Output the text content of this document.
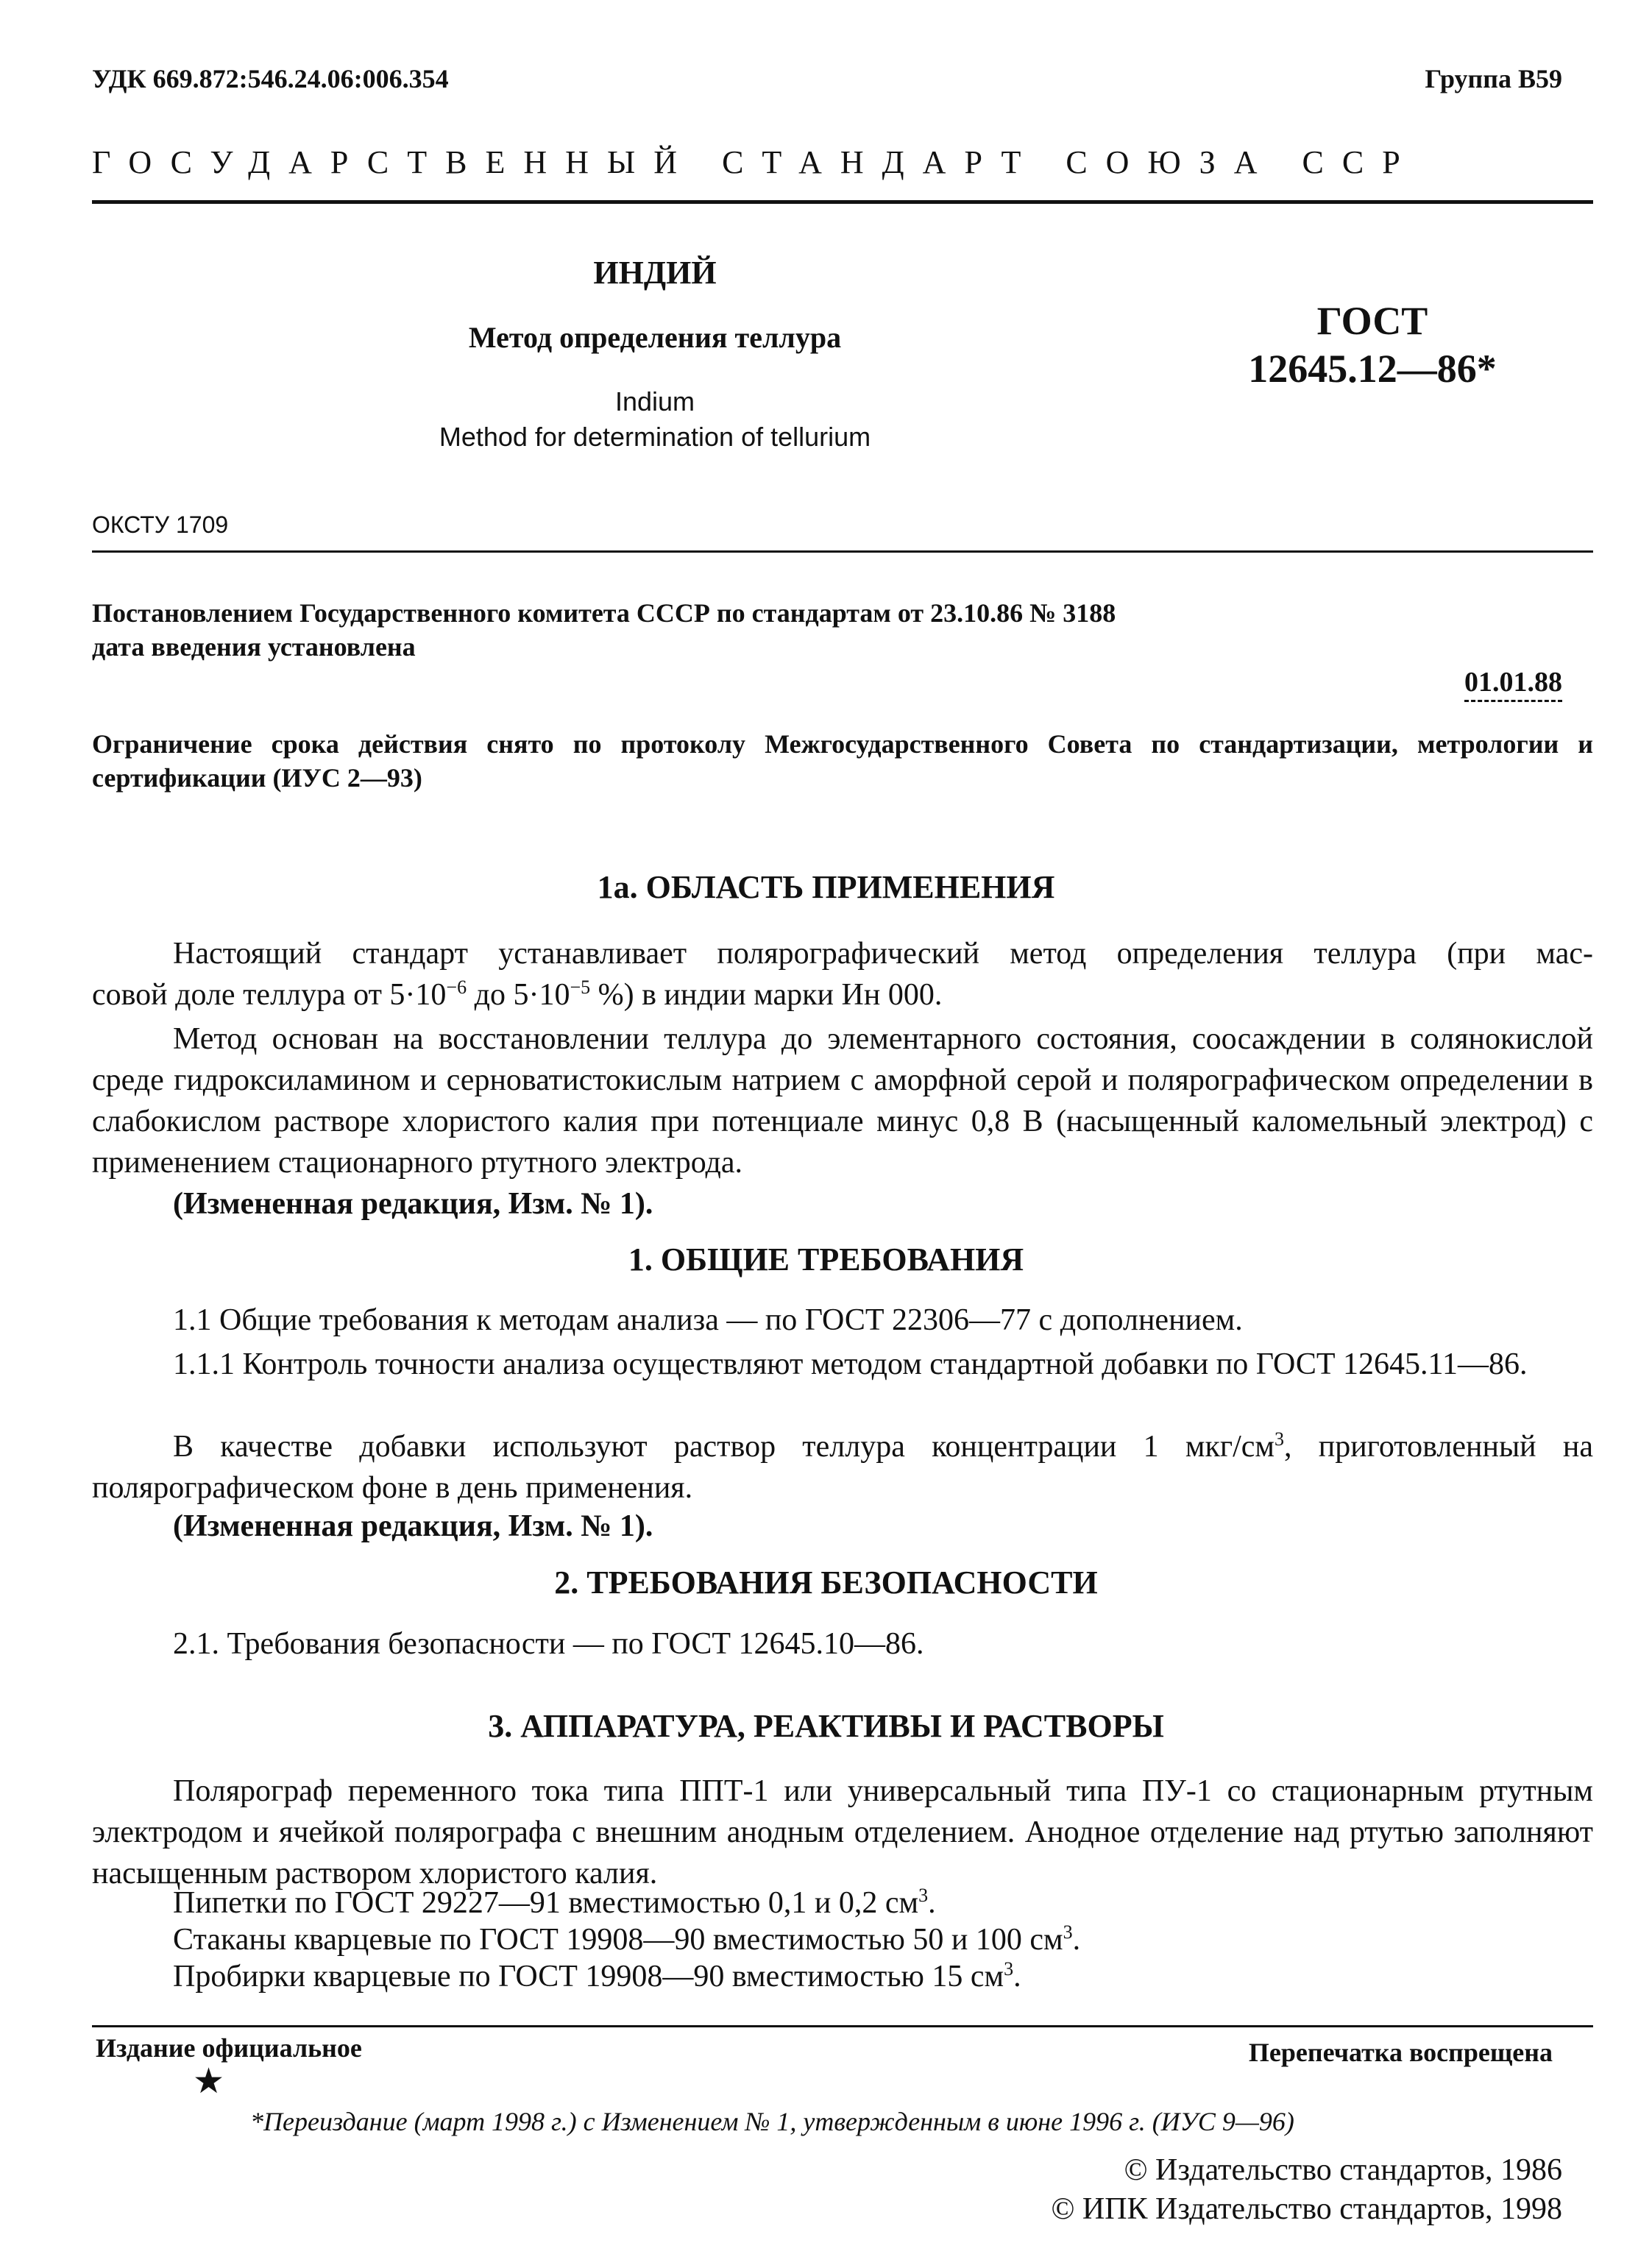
УДК 669.872:546.24.06:006.354	Группа В59
ГОСУДАРСТВЕННЫЙ СТАНДАРТ СОЮЗА ССР
ИНДИЙ
Метод определения теллура
Indium
Method for determination of tellurium
ГОСТ
12645.12—86*
ОКСТУ 1709
Постановлением Государственного комитета СССР по стандартам от 23.10.86 № 3188
дата введения установлена
01.01.88
Ограничение срока действия снято по протоколу Межгосударственного Совета по стандартизации, метрологии и
сертификации (ИУС 2—93)
1а. ОБЛАСТЬ ПРИМЕНЕНИЯ
Настоящий стандарт устанавливает полярографический метод определения теллура (при мас-
совой доле теллура от $5\cdot 10^{-6}$ до $5\cdot 10^{-5}$ %) в индии марки Ин 000.
Метод основан на восстановлении теллура до элементарного состояния, соосаждении в солянокислой среде гидроксиламином и серноватистокислым натрием с аморфной серой и полярографическом определении в слабокислом растворе хлористого калия при потенциале минус 0,8 В (насыщенный каломельный электрод) с применением стационарного ртутного электрода.
(Измененная редакция, Изм. № 1).
1. ОБЩИЕ ТРЕБОВАНИЯ
1.1 Общие требования к методам анализа — по ГОСТ 22306—77 с дополнением.
1.1.1 Контроль точности анализа осуществляют методом стандартной добавки по ГОСТ 12645.11—86.
В качестве добавки используют раствор теллура концентрации 1 мкг/$см^3$, приготовленный на полярографическом фоне в день применения.
(Измененная редакция, Изм. № 1).
2. ТРЕБОВАНИЯ БЕЗОПАСНОСТИ
2.1. Требования безопасности — по ГОСТ 12645.10—86.
3. АППАРАТУРА, РЕАКТИВЫ И РАСТВОРЫ
Полярограф переменного тока типа ППТ-1 или универсальный типа ПУ-1 со стационарным ртутным электродом и ячейкой полярографа с внешним анодным отделением. Анодное отделение над ртутью заполняют насыщенным раствором хлористого калия.
Пипетки по ГОСТ 29227—91 вместимостью 0,1 и 0,2 $см^3$.
Стаканы кварцевые по ГОСТ 19908—90 вместимостью 50 и 100 $см^3$.
Пробирки кварцевые по ГОСТ 19908—90 вместимостью 15 $см^3$.
Издание официальное	Перепечатка воспрещена
★
*Переиздание (март 1998 г.) с Изменением № 1, утвержденным в июне 1996 г. (ИУС 9—96)
© Издательство стандартов, 1986
© ИПК Издательство стандартов, 1998
